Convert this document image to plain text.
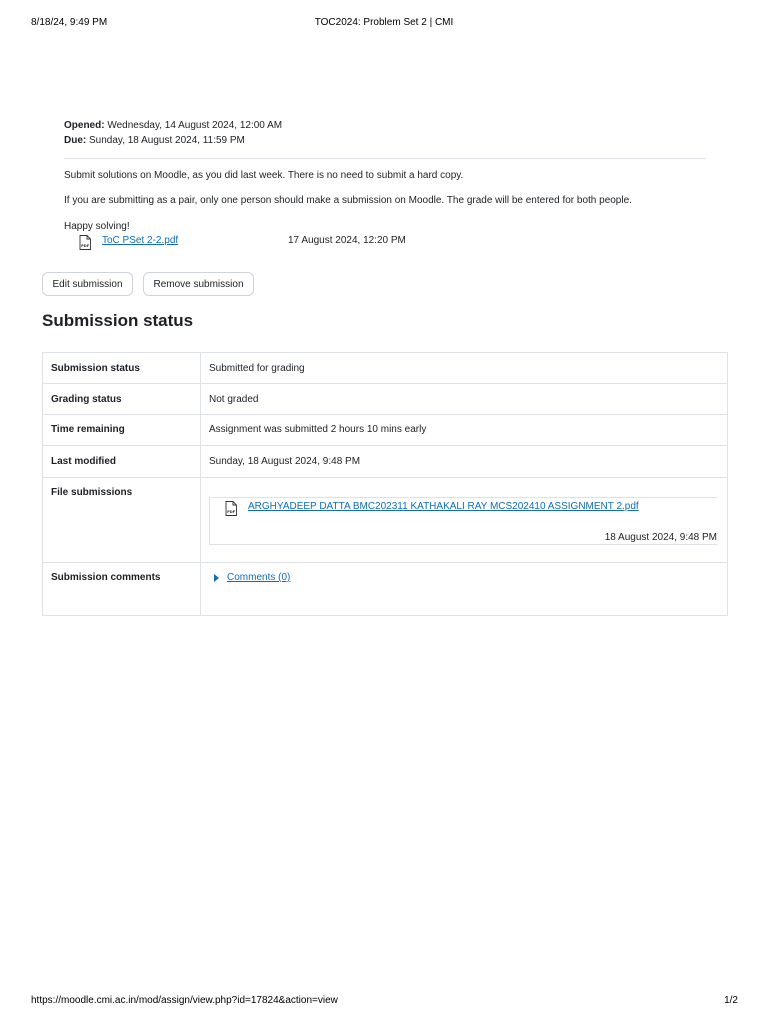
8/18/24, 9:49 PM	TOC2024: Problem Set 2 | CMI
Opened: Wednesday, 14 August 2024, 12:00 AM
Due: Sunday, 18 August 2024, 11:59 PM

Submit solutions on Moodle, as you did last week. There is no need to submit a hard copy.

If you are submitting as a pair, only one person should make a submission on Moodle. The grade will be entered for both people.

Happy solving!

PDF ToC PSet 2-2.pdf	17 August 2024, 12:20 PM
Edit submission	Remove submission
Submission status
Submission status	Submitted for grading
Grading status	Not graded
Time remaining	Assignment was submitted 2 hours 10 mins early
Last modified	Sunday, 18 August 2024, 9:48 PM
File submissions	PDF ARGHYADEEP DATTA BMC202311 KATHAKALI RAY MCS202410 ASSIGNMENT 2.pdf
18 August 2024, 9:48 PM

Submission comments	Comments (0)
https://moodle.cmi.ac.in/mod/assign/view.php?id=17824&action=view	1/2
